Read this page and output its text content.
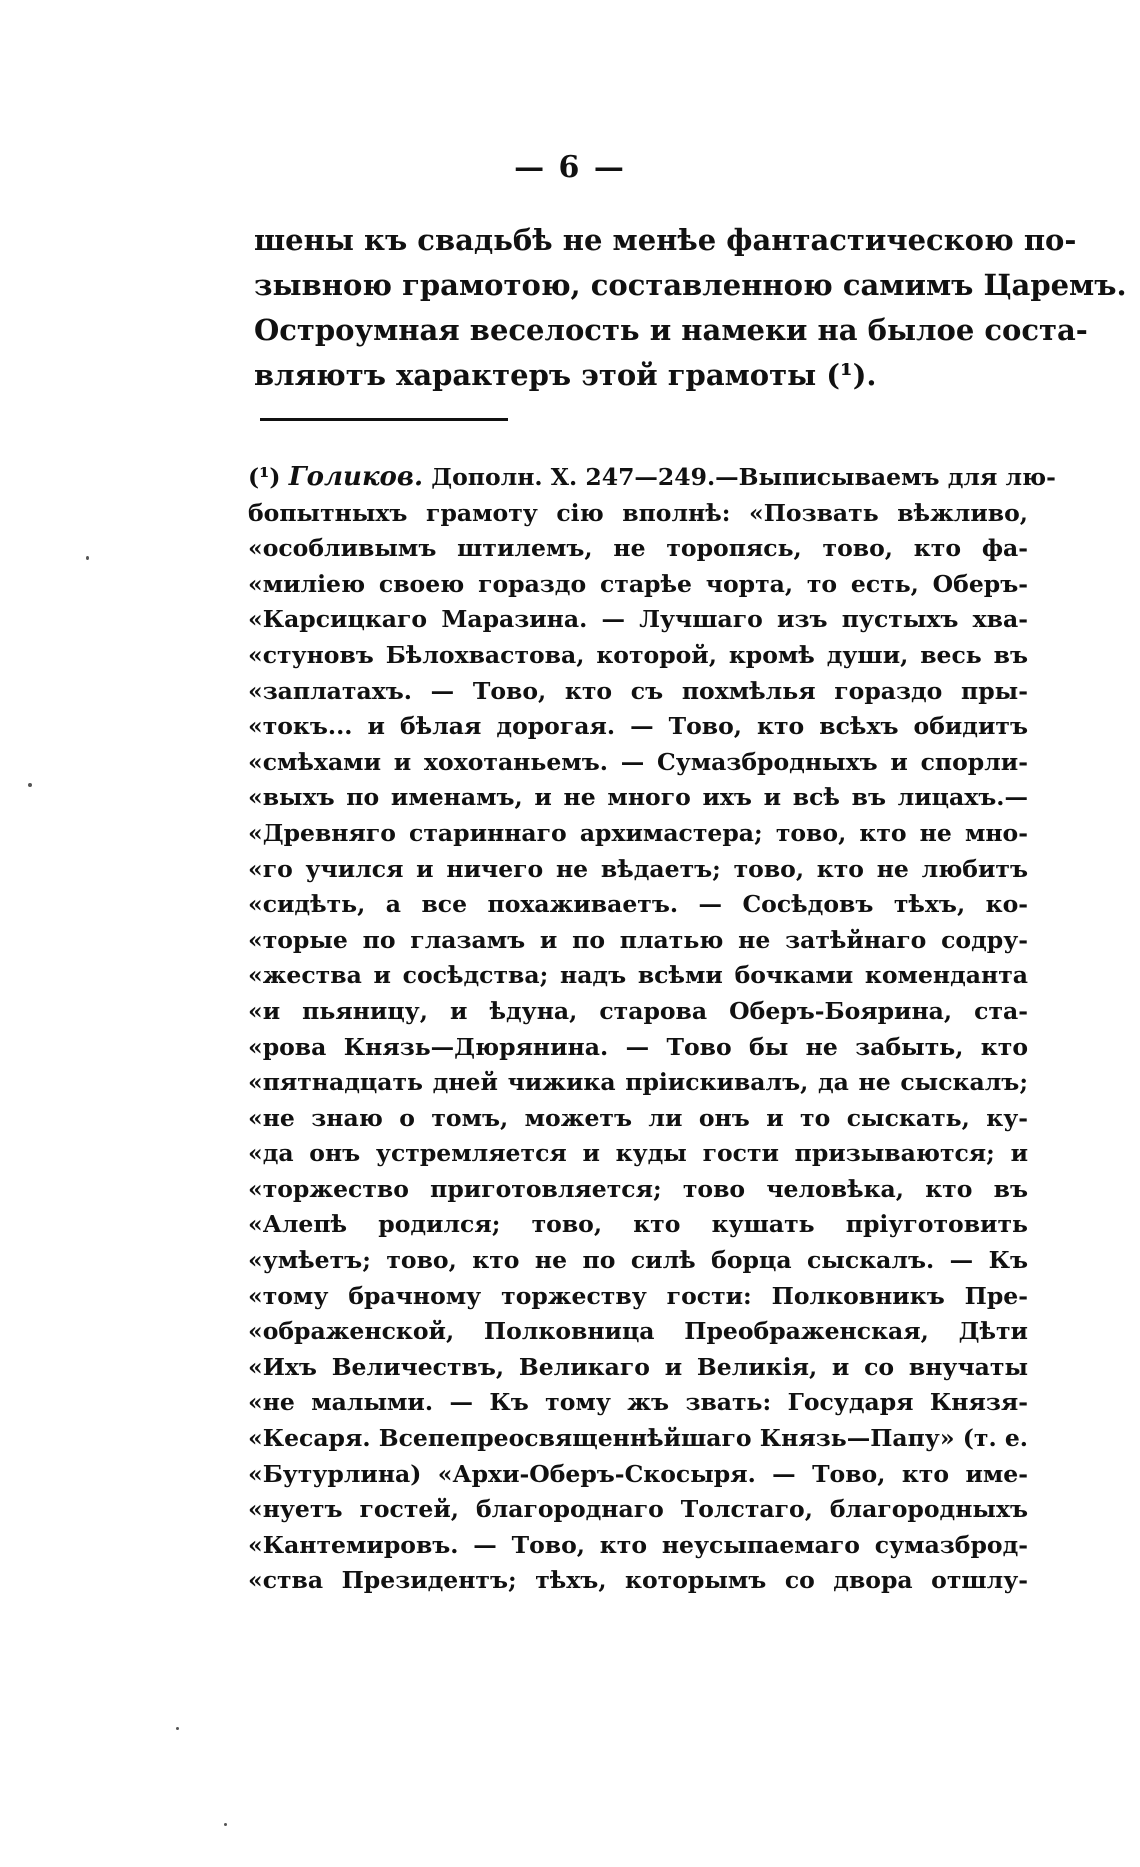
— 6 —
шены къ свадьбѣ не менѣе фантастическою по-
зывною грамотою, составленною самимъ Царемъ.
Остроумная веселость и намеки на былое соста-
вляютъ характеръ этой грамоты (¹).
(¹) Голиков. Дополн. Х. 247—249.—Выписываемъ для лю-
бопытныхъ грамоту сію вполнѣ: «Позвать вѣжливо,
«особливымъ штилемъ, не торопясь, тово, кто фа-
«миліею своею гораздо старѣе чорта, то есть, Оберъ-
«Карсицкаго Маразина. — Лучшаго изъ пустыхъ хва-
«стуновъ Бѣлохвастова, которой, кромѣ души, весь въ
«заплатахъ. — Тово, кто съ похмѣлья гораздо пры-
«токъ... и бѣлая дорогая. — Тово, кто всѣхъ обидитъ
«смѣхами и хохотаньемъ. — Сумазбродныхъ и спорли-
«выхъ по именамъ, и не много ихъ и всѣ въ лицахъ.—
«Древняго стариннаго архимастера; тово, кто не мно-
«го учился и ничего не вѣдаетъ; тово, кто не любитъ
«сидѣть, а все похаживаетъ. — Сосѣдовъ тѣхъ, ко-
«торые по глазамъ и по платью не затѣйнаго содру-
«жества и сосѣдства; надъ всѣми бочками комендантa
«и пьяницу, и ѣдуна, старова Оберъ-Боярина, ста-
«рова Князь—Дюрянина. — Тово бы не забыть, кто
«пятнадцать дней чижика пріискивалъ, да не сыскалъ;
«не знаю о томъ, можетъ ли онъ и то сыскать, ку-
«да онъ устремляется и куды гости призываются; и
«торжество приготовляется; тово человѣка, кто въ
«Алепѣ родился; тово, кто кушать пріуготовить
«умѣетъ; тово, кто не по силѣ борца сыскалъ. — Къ
«тому брачному торжеству гости: Полковникъ Пре-
«ображенской, Полковница Преображенская, Дѣти
«Ихъ Величествъ, Великаго и Великія, и со внучаты
«не малыми. — Къ тому жъ звать: Государя Князя-
«Кесаря. Всепепреосвященнѣйшаго Князь—Папу» (т. е.
«Бутурлина) «Архи-Оберъ-Скосыря. — Тово, кто име-
«нуетъ гостей, благороднаго Толстаго, благородныхъ
«Кантемировъ. — Тово, кто неусыпаемаго сумазброд-
«ства Президентъ; тѣхъ, которымъ со двора отшлу-
